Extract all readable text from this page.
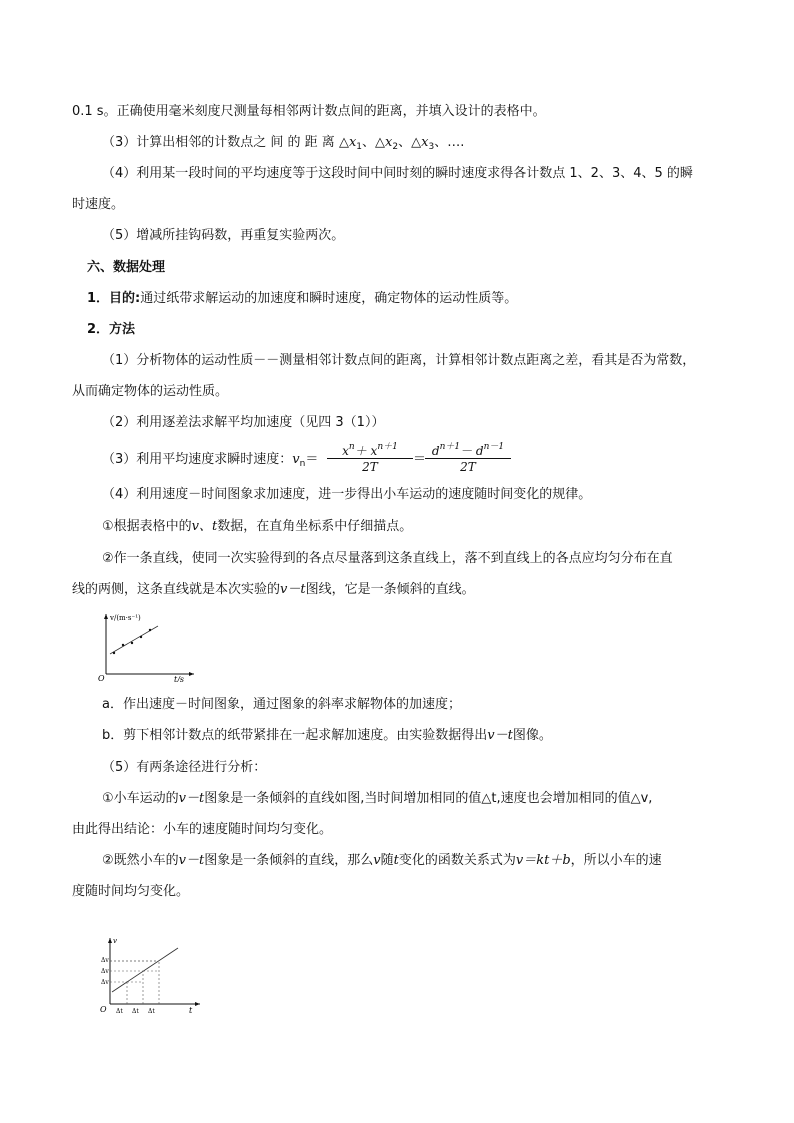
0.1 s。正确使用毫米刻度尺测量每相邻两计数点间的距离，并填入设计的表格中。
（3）计算出相邻的计数点之 间 的 距 离 $\triangle x_1$、$\triangle x_2$、$\triangle x_3$、….
（4）利用某一段时间的平均速度等于这段时间中间时刻的瞬时速度求得各计数点 1、2、3、4、5 的瞬
时速度。
（5）增减所挂钩码数，再重复实验两次。
六、数据处理
1．目的:通过纸带求解运动的加速度和瞬时速度，确定物体的运动性质等。
2．方法
（1）分析物体的运动性质－－测量相邻计数点间的距离，计算相邻计数点距离之差，看其是否为常数，
从而确定物体的运动性质。
（2）利用逐差法求解平均加速度（见四 3（1））
（3）利用平均速度求瞬时速度：$v_n= \frac{x^n+ x^{n+1}}{2T}$ ＝
$\frac{d^{n+1}- d^{n-1}}{2T}$
（4）利用速度－时间图象求加速度，进一步得出小车运动的速度随时间变化的规律。
①根据表格中的v、t数据，在直角坐标系中仔细描点。
②作一条直线，使同一次实验得到的各点尽量落到这条直线上，落不到直线上的各点应均匀分布在直
线的两侧，这条直线就是本次实验的v－t图线，它是一条倾斜的直线。
v/(m·s⁻¹)
t/s
O
a．作出速度－时间图象，通过图象的斜率求解物体的加速度；
b．剪下相邻计数点的纸带紧排在一起求解加速度。由实验数据得出v－t图像。
（5）有两条途径进行分析：
①小车运动的v－t图象是一条倾斜的直线如图,当时间增加相同的值△t,速度也会增加相同的值△v,
由此得出结论：小车的速度随时间均匀变化。
②既然小车的v－t图象是一条倾斜的直线，那么v随t变化的函数关系式为v＝kt＋b，所以小车的速
度随时间均匀变化。
Δv
Δv
Δv
Δt Δt Δt
v
t
O
